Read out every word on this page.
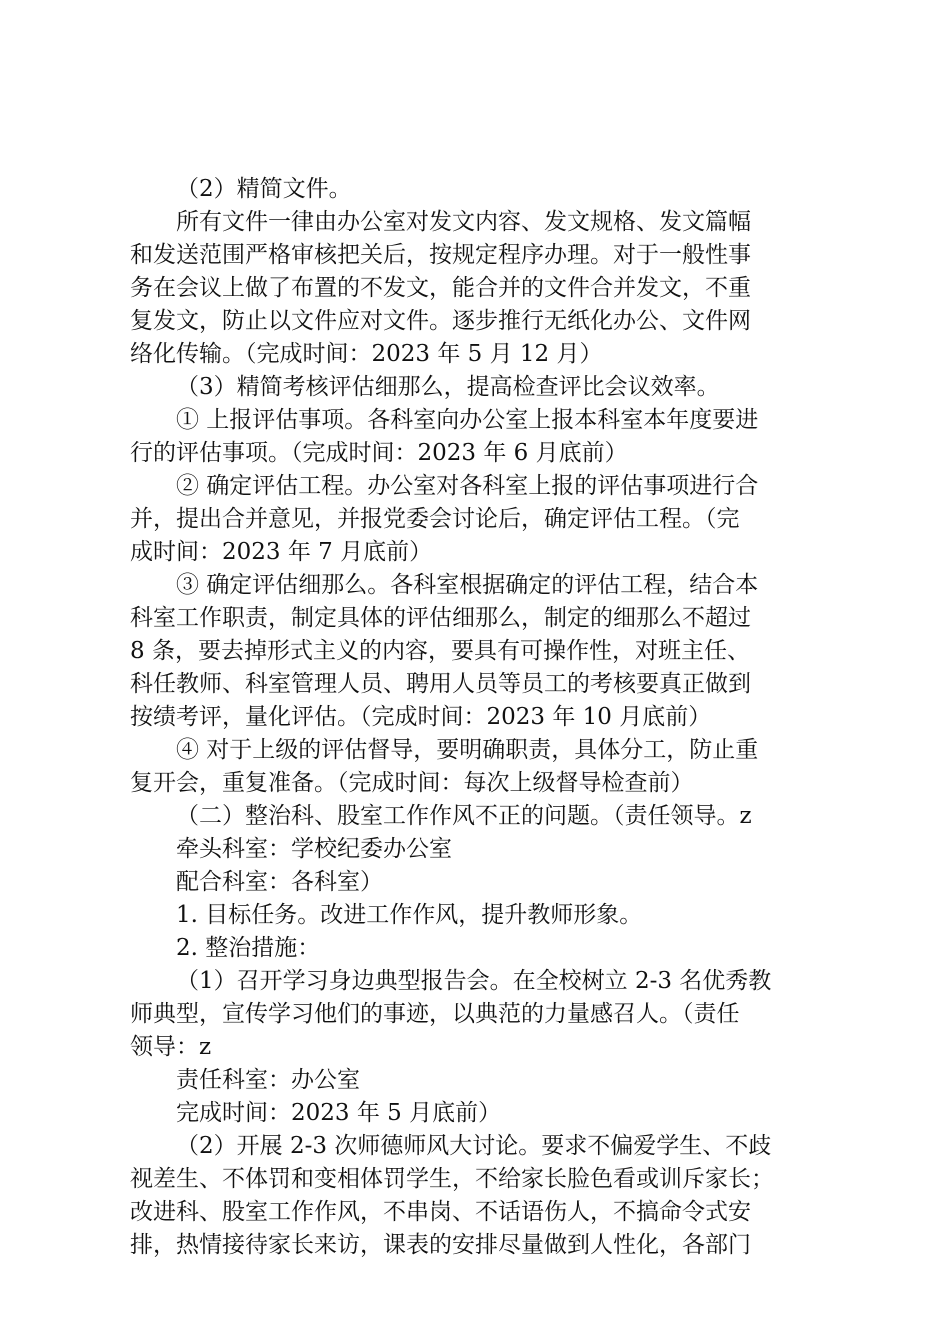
（2）精简文件。
所有文件一律由办公室对发文内容、发文规格、发文篇幅
和发送范围严格审核把关后，按规定程序办理。对于一般性事
务在会议上做了布置的不发文，能合并的文件合并发文，不重
复发文，防止以文件应对文件。逐步推行无纸化办公、文件网
络化传输。（完成时间：2023 年 5 月 12 月）
（3）精简考核评估细那么，提高检查评比会议效率。
① 上报评估事项。各科室向办公室上报本科室本年度要进
行的评估事项。（完成时间：2023 年 6 月底前）
② 确定评估工程。办公室对各科室上报的评估事项进行合
并，提出合并意见，并报党委会讨论后，确定评估工程。（完
成时间：2023 年 7 月底前）
③ 确定评估细那么。各科室根据确定的评估工程，结合本
科室工作职责，制定具体的评估细那么，制定的细那么不超过
8 条，要去掉形式主义的内容，要具有可操作性，对班主任、
科任教师、科室管理人员、聘用人员等员工的考核要真正做到
按绩考评，量化评估。（完成时间：2023 年 10 月底前）
④ 对于上级的评估督导，要明确职责，具体分工，防止重
复开会，重复准备。（完成时间：每次上级督导检查前）
（二）整治科、股室工作作风不正的问题。（责任领导。z
牵头科室：学校纪委办公室
配合科室：各科室）
1. 目标任务。改进工作作风，提升教师形象。
2. 整治措施：
（1）召开学习身边典型报告会。在全校树立 2-3 名优秀教
师典型，宣传学习他们的事迹，以典范的力量感召人。（责任
领导：z
责任科室：办公室
完成时间：2023 年 5 月底前）
（2）开展 2-3 次师德师风大讨论。要求不偏爱学生、不歧
视差生、不体罚和变相体罚学生，不给家长脸色看或训斥家长；
改进科、股室工作作风，不串岗、不话语伤人，不搞命令式安
排，热情接待家长来访，课表的安排尽量做到人性化，各部门
